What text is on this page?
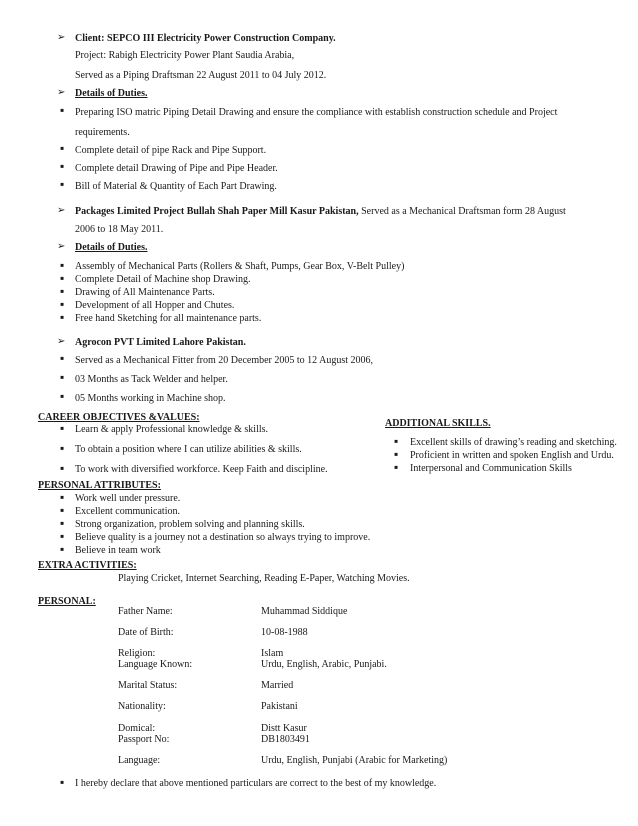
➢
Client: SEPCO III Electricity Power Construction Company.
Project: Rabigh Electricity Power Plant Saudia Arabia,
Served as a Piping Draftsman 22 August 2011 to 04 July 2012.
➢
Details of Duties.
▪
Preparing ISO matric Piping Detail Drawing and ensure the compliance with establish construction schedule and Project
requirements.
▪
Complete detail of pipe Rack and Pipe Support.
▪
Complete detail Drawing of Pipe and Pipe Header.
▪
Bill of Material & Quantity of Each Part Drawing.
➢
Packages Limited Project Bullah Shah Paper Mill Kasur Pakistan, Served as a Mechanical Draftsman form 28 August
2006 to 18 May 2011.
➢
Details of Duties.
▪
Assembly of Mechanical Parts (Rollers & Shaft, Pumps, Gear Box, V-Belt Pulley)
▪
Complete Detail of Machine shop Drawing.
▪
Drawing of All Maintenance Parts.
▪
Development of all Hopper and Chutes.
▪
Free hand Sketching for all maintenance parts.
➢
Agrocon PVT Limited Lahore Pakistan.
▪
Served as a Mechanical Fitter from 20 December 2005 to 12 August 2006,
▪
03 Months as Tack Welder and helper.
▪
05 Months working in Machine shop.
CAREER OBJECTIVES &VALUES:
▪
Learn & apply Professional knowledge & skills.
▪
To obtain a position where I can utilize abilities & skills.
▪
To work with diversified workforce. Keep Faith and discipline.
ADDITIONAL SKILLS.
▪
Excellent skills of drawing’s reading and sketching.
▪
Proficient in written and spoken English and Urdu.
▪
Interpersonal and Communication Skills
PERSONAL ATTRIBUTES:
▪
Work well under pressure.
▪
Excellent communication.
▪
Strong organization, problem solving and planning skills.
▪
Believe quality is a journey not a destination so always trying to improve.
▪
Believe in team work
EXTRA ACTIVITIES:
Playing Cricket, Internet Searching, Reading E-Paper, Watching Movies.
PERSONAL:
Father Name:	Muhammad Siddique
Date of Birth:	10-08-1988
Religion:	Islam
Language Known:	Urdu, English, Arabic, Punjabi.
Marital Status:	Married
Nationality:	Pakistani
Domical:	Distt Kasur
Passport No:	DB1803491
Language:	Urdu, English, Punjabi (Arabic for Marketing)
▪
I hereby declare that above mentioned particulars are correct to the best of my knowledge.
